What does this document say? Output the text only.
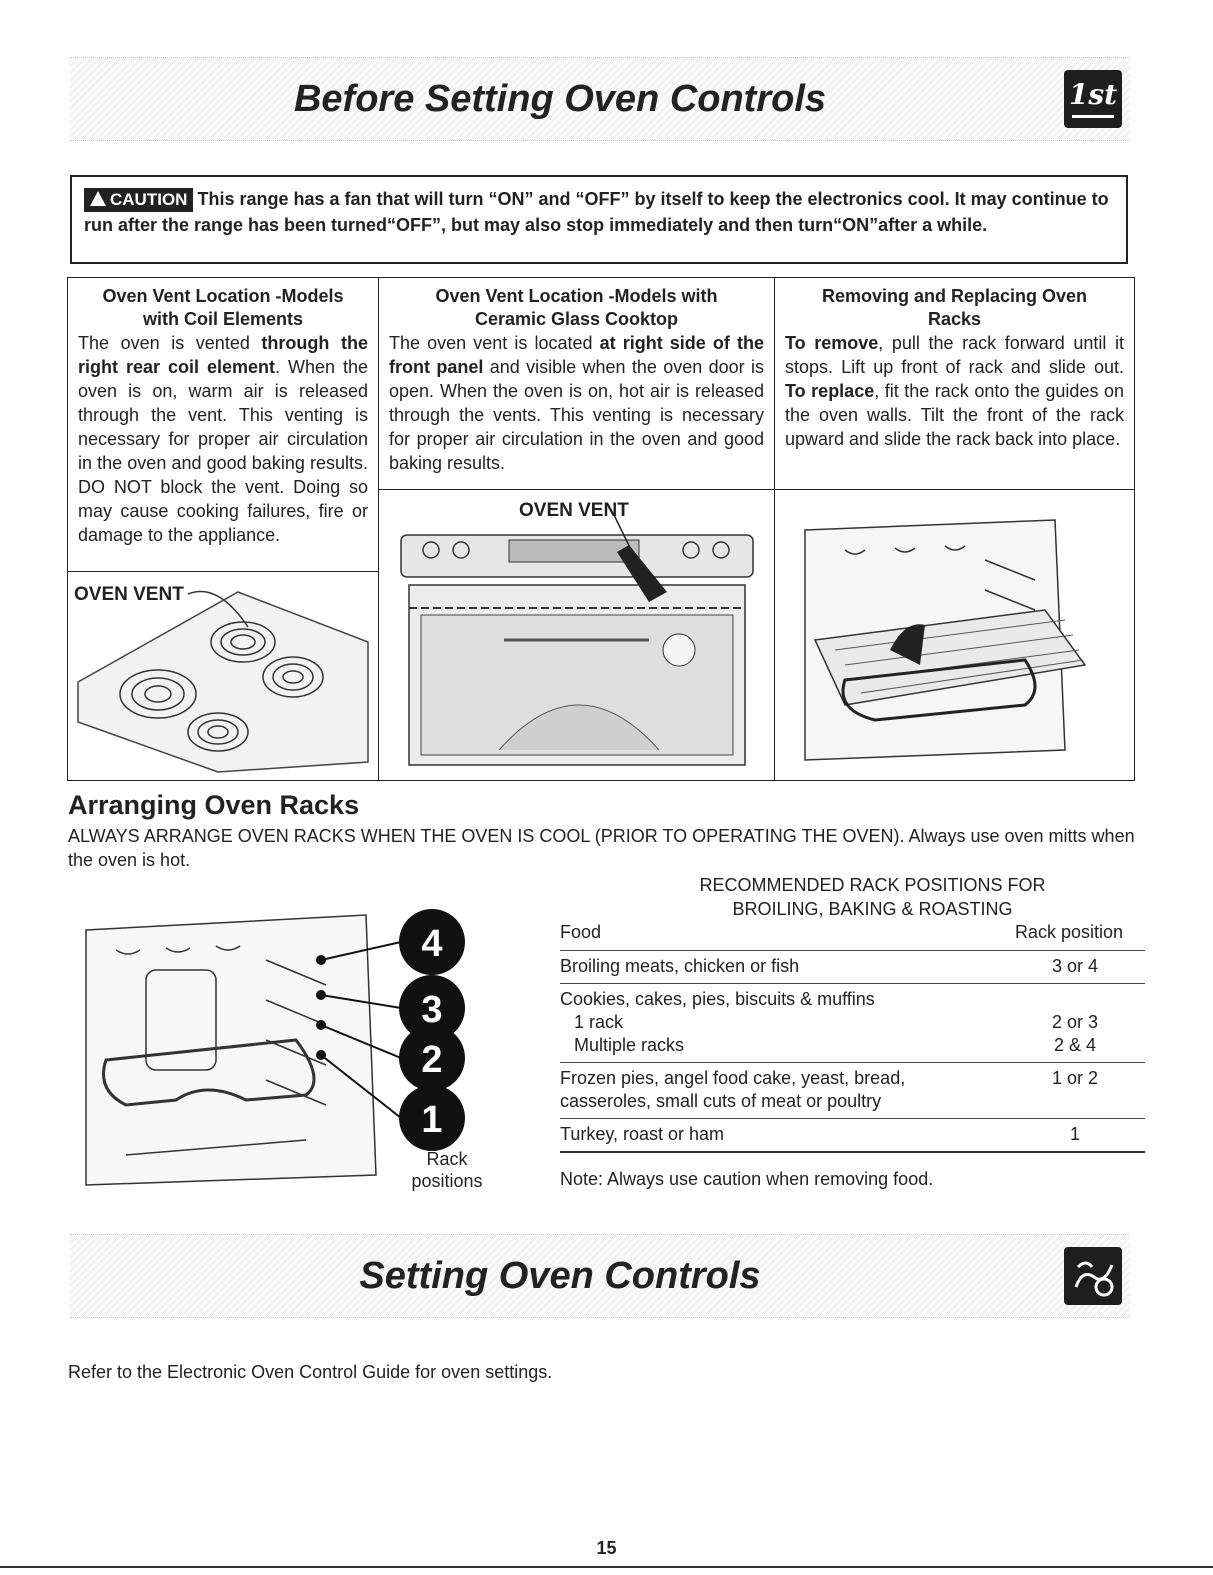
Before Setting Oven Controls	1st
CAUTION This range has a fan that will turn “ON” and “OFF” by itself to keep the electronics cool. It may continue to run after the range has been turned“OFF”, but may also stop immediately and then turn“ON”after a while.
Oven Vent Location -Models with Coil Elements
The oven is vented through the right rear coil element. When the oven is on, warm air is released through the vent. This venting is necessary for proper air circulation in the oven and good baking results. DO NOT block the vent. Doing so may cause cooking failures, fire or damage to the appliance.
OVEN VENT
Oven Vent Location -Models with Ceramic Glass Cooktop
The oven vent is located at right side of the front panel and visible when the oven door is open. When the oven is on, hot air is released through the vents. This venting is necessary for proper air circulation in the oven and good baking results.
OVEN VENT
Removing and Replacing Oven Racks
To remove, pull the rack forward until it stops. Lift up front of rack and slide out. To replace, fit the rack onto the guides on the oven walls. Tilt the front of the rack upward and slide the rack back into place.
Arranging Oven Racks
ALWAYS ARRANGE OVEN RACKS WHEN THE OVEN IS COOL (PRIOR TO OPERATING THE OVEN). Always use oven mitts when the oven is hot.
4
3
2
1
Rack
positions
RECOMMENDED RACK POSITIONS FOR
BROILING, BAKING & ROASTING
Food	Rack position
Broiling meats, chicken or fish	3 or 4
Cookies, cakes, pies, biscuits & muffins
1 rack	2 or 3
Multiple racks	2 & 4
Frozen pies, angel food cake, yeast, bread,	1 or 2
casseroles, small cuts of meat or poultry
Turkey, roast or ham	1
Note: Always use caution when removing food.
Setting Oven Controls
Refer to the Electronic Oven Control Guide for oven settings.
15
